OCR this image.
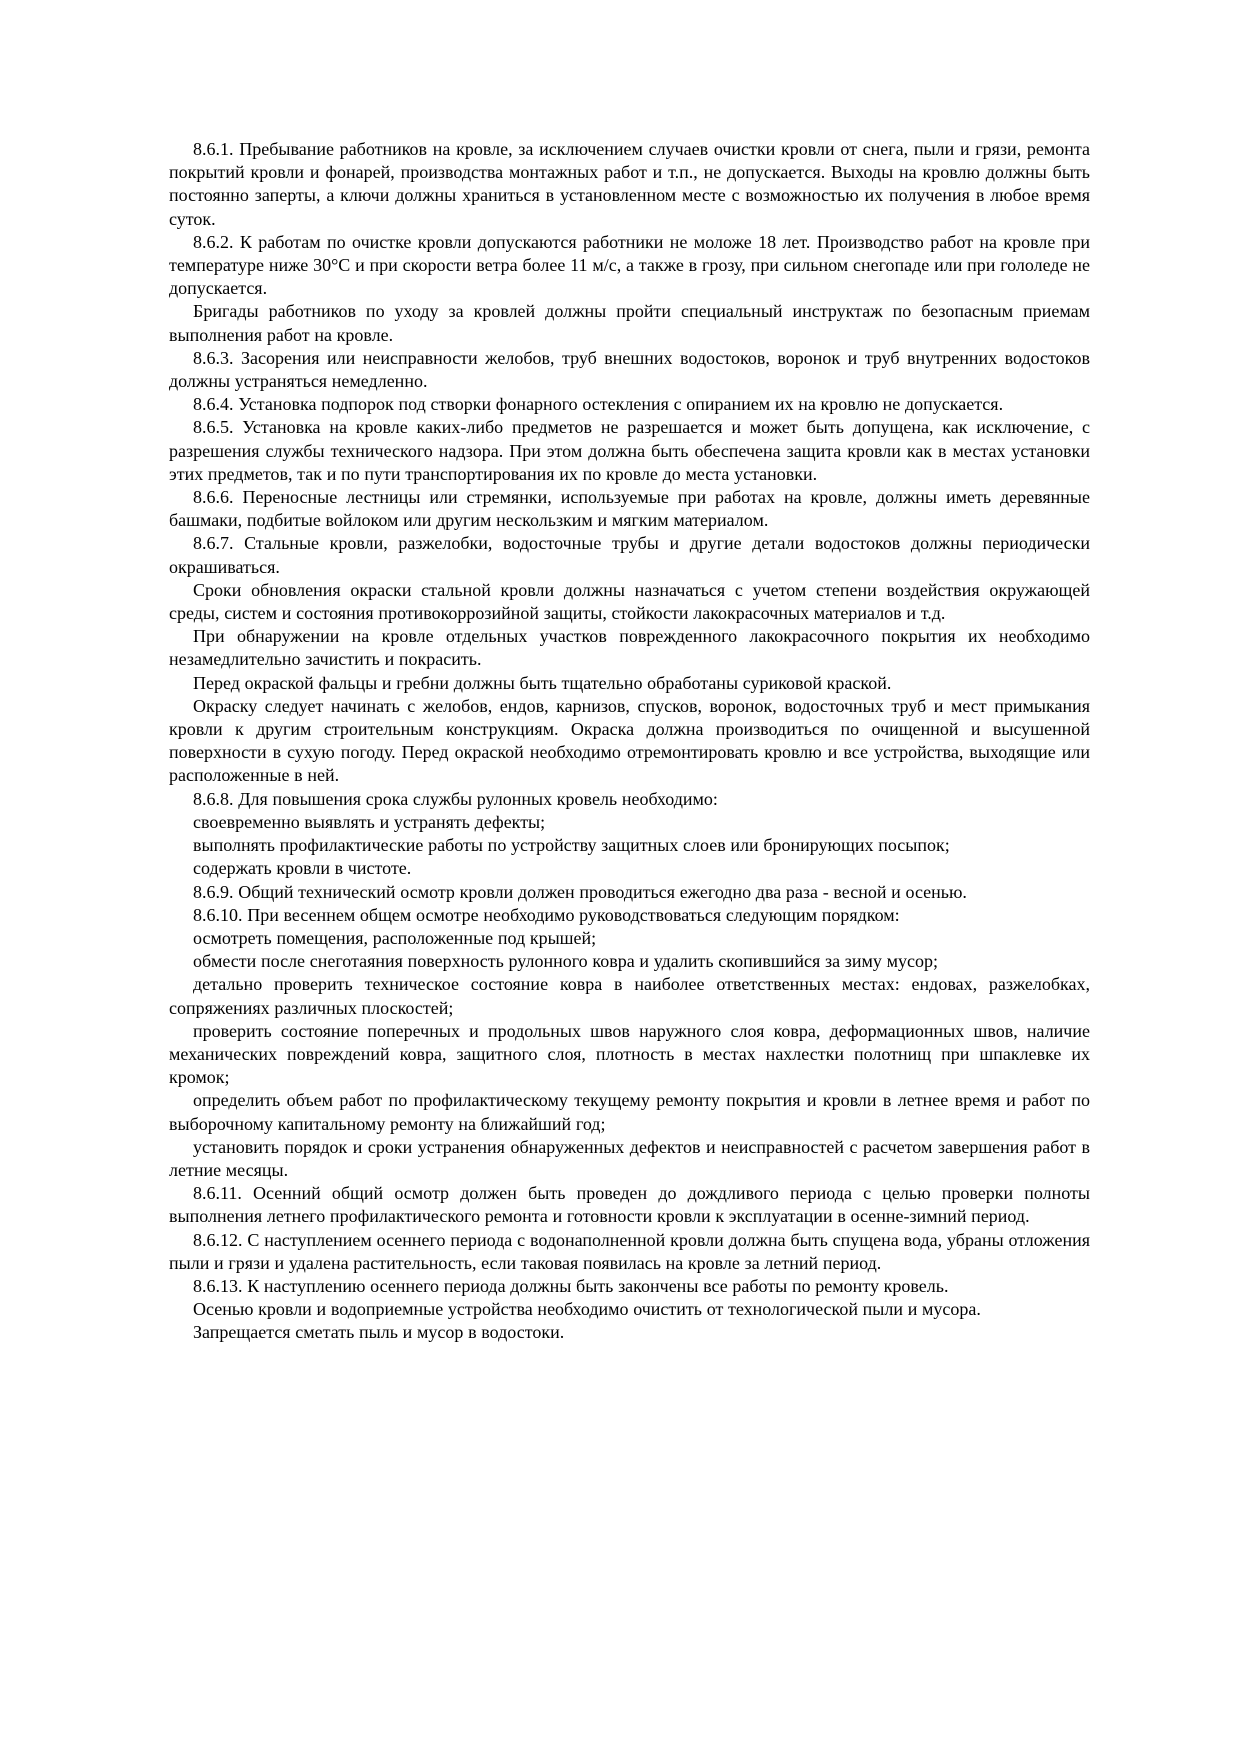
8.6.1. Пребывание работников на кровле, за исключением случаев очистки кровли от снега, пыли и грязи, ремонта покрытий кровли и фонарей, производства монтажных работ и т.п., не допускается. Выходы на кровлю должны быть постоянно заперты, а ключи должны храниться в установленном месте с возможностью их получения в любое время суток.

8.6.2. К работам по очистке кровли допускаются работники не моложе 18 лет. Производство работ на кровле при температуре ниже 30°С и при скорости ветра более 11 м/с, а также в грозу, при сильном снегопаде или при гололеде не допускается.

Бригады работников по уходу за кровлей должны пройти специальный инструктаж по безопасным приемам выполнения работ на кровле.

8.6.3. Засорения или неисправности желобов, труб внешних водостоков, воронок и труб внутренних водостоков должны устраняться немедленно.

8.6.4. Установка подпорок под створки фонарного остекления с опиранием их на кровлю не допускается.

8.6.5. Установка на кровле каких-либо предметов не разрешается и может быть допущена, как исключение, с разрешения службы технического надзора. При этом должна быть обеспечена защита кровли как в местах установки этих предметов, так и по пути транспортирования их по кровле до места установки.

8.6.6. Переносные лестницы или стремянки, используемые при работах на кровле, должны иметь деревянные башмаки, подбитые войлоком или другим нескользким и мягким материалом.

8.6.7. Стальные кровли, разжелобки, водосточные трубы и другие детали водостоков должны периодически окрашиваться.

Сроки обновления окраски стальной кровли должны назначаться с учетом степени воздействия окружающей среды, систем и состояния противокоррозийной защиты, стойкости лакокрасочных материалов и т.д.

При обнаружении на кровле отдельных участков поврежденного лакокрасочного покрытия их необходимо незамедлительно зачистить и покрасить.

Перед окраской фальцы и гребни должны быть тщательно обработаны суриковой краской.

Окраску следует начинать с желобов, ендов, карнизов, спусков, воронок, водосточных труб и мест примыкания кровли к другим строительным конструкциям. Окраска должна производиться по очищенной и высушенной поверхности в сухую погоду. Перед окраской необходимо отремонтировать кровлю и все устройства, выходящие или расположенные в ней.

8.6.8. Для повышения срока службы рулонных кровель необходимо:

своевременно выявлять и устранять дефекты;

выполнять профилактические работы по устройству защитных слоев или бронирующих посыпок;

содержать кровли в чистоте.

8.6.9. Общий технический осмотр кровли должен проводиться ежегодно два раза - весной и осенью.

8.6.10. При весеннем общем осмотре необходимо руководствоваться следующим порядком:

осмотреть помещения, расположенные под крышей;

обмести после снеготаяния поверхность рулонного ковра и удалить скопившийся за зиму мусор;

детально проверить техническое состояние ковра в наиболее ответственных местах: ендовах, разжелобках, сопряжениях различных плоскостей;

проверить состояние поперечных и продольных швов наружного слоя ковра, деформационных швов, наличие механических повреждений ковра, защитного слоя, плотность в местах нахлестки полотнищ при шпаклевке их кромок;

определить объем работ по профилактическому текущему ремонту покрытия и кровли в летнее время и работ по выборочному капитальному ремонту на ближайший год;

установить порядок и сроки устранения обнаруженных дефектов и неисправностей с расчетом завершения работ в летние месяцы.

8.6.11. Осенний общий осмотр должен быть проведен до дождливого периода с целью проверки полноты выполнения летнего профилактического ремонта и готовности кровли к эксплуатации в осенне-зимний период.

8.6.12. С наступлением осеннего периода с водонаполненной кровли должна быть спущена вода, убраны отложения пыли и грязи и удалена растительность, если таковая появилась на кровле за летний период.

8.6.13. К наступлению осеннего периода должны быть закончены все работы по ремонту кровель.

Осенью кровли и водоприемные устройства необходимо очистить от технологической пыли и мусора.

Запрещается сметать пыль и мусор в водостоки.
